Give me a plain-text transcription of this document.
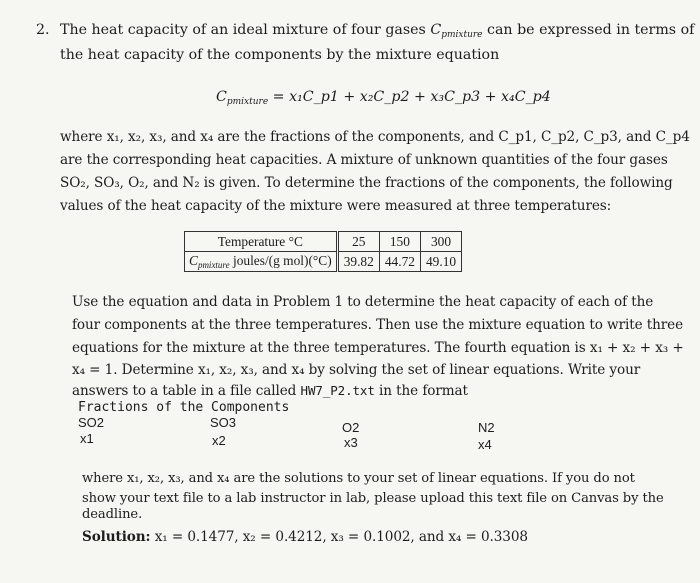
2. The heat capacity of an ideal mixture of four gases $C_{pmixture}$ can be expressed in terms of
the heat capacity of the components by the mixture equation
$C_{pmixture}$ = x₁C_p1 + x₂C_p2 + x₃C_p3 + x₄C_p4
where x₁, x₂, x₃, and x₄ are the fractions of the components, and C_p1, C_p2, C_p3, and C_p4
are the corresponding heat capacities. A mixture of unknown quantities of the four gases
SO₂, SO₃, O₂, and N₂ is given. To determine the fractions of the components, the following
values of the heat capacity of the mixture were measured at three temperatures:
Temperature °C	25	150	300
$C_{pmixture}$ joules/(g mol)(°C)	39.82	44.72	49.10
Use the equation and data in Problem 1 to determine the heat capacity of each of the
four components at the three temperatures. Then use the mixture equation to write three
equations for the mixture at the three temperatures. The fourth equation is x₁ + x₂ + x₃ +
x₄ = 1. Determine x₁, x₂, x₃, and x₄ by solving the set of linear equations. Write your
answers to a table in a file called HW7_P2.txt in the format
Fractions of the Components
SO2	SO3	O2	N2
x1	x2	x3	x4
where x₁, x₂, x₃, and x₄ are the solutions to your set of linear equations. If you do not
show your text file to a lab instructor in lab, please upload this text file on Canvas by the
deadline.
Solution: x₁ = 0.1477, x₂ = 0.4212, x₃ = 0.1002, and x₄ = 0.3308
